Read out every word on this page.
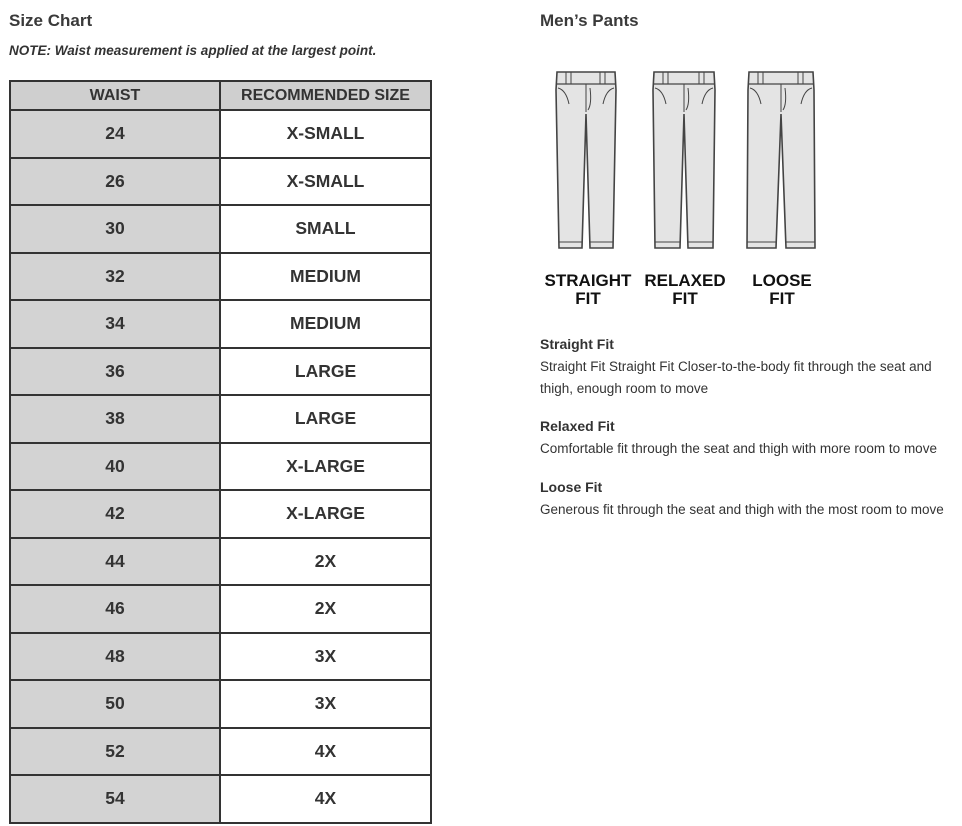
Size Chart
NOTE: Waist measurement is applied at the largest point.
WAIST	RECOMMENDED SIZE
24	X-SMALL
26	X-SMALL
30	SMALL
32	MEDIUM
34	MEDIUM
36	LARGE
38	LARGE
40	X-LARGE
42	X-LARGE
44	2X
46	2X
48	3X
50	3X
52	4X
54	4X
Men’s Pants
STRAIGHT
FIT
RELAXED
FIT
LOOSE
FIT
Straight Fit

Straight Fit Straight Fit Closer-to-the-body fit through the seat and thigh, enough room to move

Relaxed Fit

Comfortable fit through the seat and thigh with more room to move

Loose Fit

Generous fit through the seat and thigh with the most room to move
